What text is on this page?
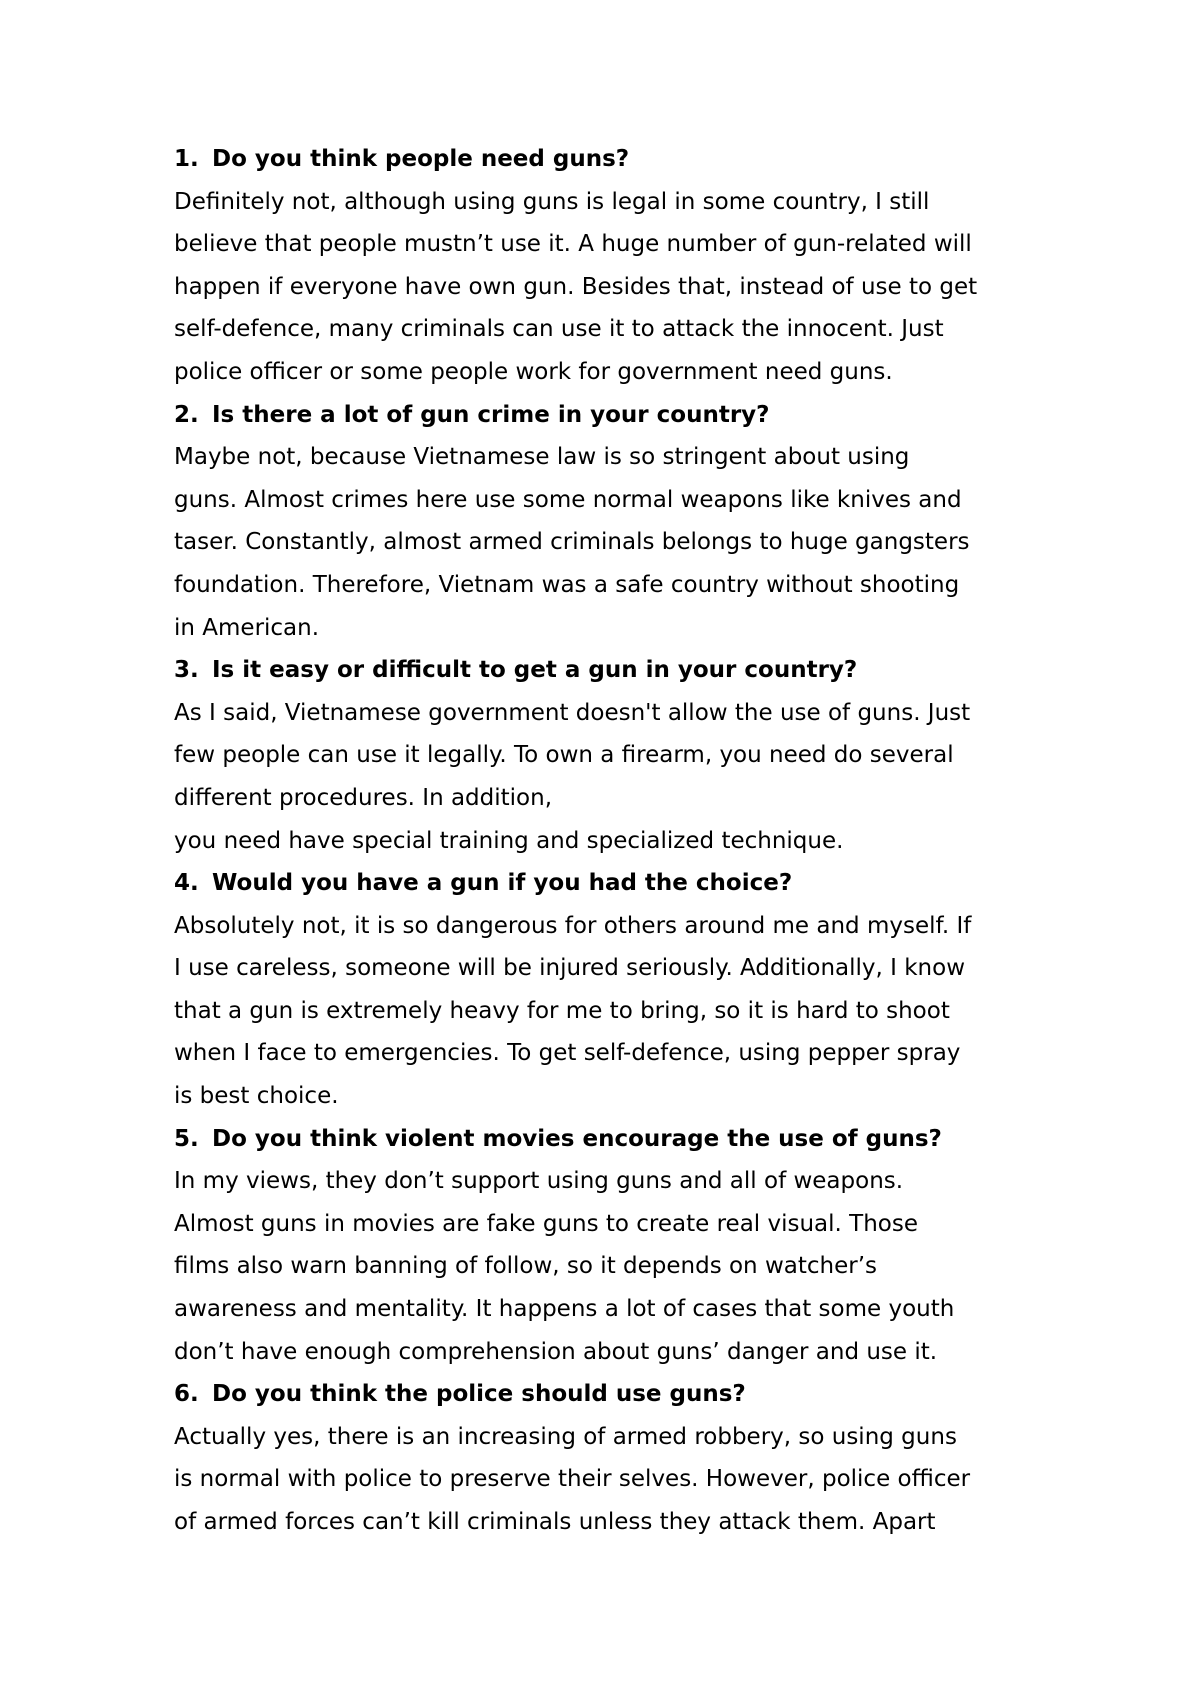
1. Do you think people need guns?
Definitely not, although using guns is legal in some country, I still
believe that people mustn’t use it. A huge number of gun-related will
happen if everyone have own gun. Besides that, instead of use to get
self-defence, many criminals can use it to attack the innocent. Just
police officer or some people work for government need guns.
2. Is there a lot of gun crime in your country?
Maybe not, because Vietnamese law is so stringent about using
guns. Almost crimes here use some normal weapons like knives and
taser. Constantly, almost armed criminals belongs to huge gangsters
foundation. Therefore, Vietnam was a safe country without shooting
in American.
3. Is it easy or difficult to get a gun in your country?
As I said, Vietnamese government doesn't allow the use of guns. Just
few people can use it legally. To own a firearm, you need do several
different procedures. In addition,
you need have special training and specialized technique.
4. Would you have a gun if you had the choice?
Absolutely not, it is so dangerous for others around me and myself. If
I use careless, someone will be injured seriously. Additionally, I know
that a gun is extremely heavy for me to bring, so it is hard to shoot
when I face to emergencies. To get self-defence, using pepper spray
is best choice.
5. Do you think violent movies encourage the use of guns?
In my views, they don’t support using guns and all of weapons.
Almost guns in movies are fake guns to create real visual. Those
films also warn banning of follow, so it depends on watcher’s
awareness and mentality. It happens a lot of cases that some youth
don’t have enough comprehension about guns’ danger and use it.
6. Do you think the police should use guns?
Actually yes, there is an increasing of armed robbery, so using guns
is normal with police to preserve their selves. However, police officer
of armed forces can’t kill criminals unless they attack them. Apart
